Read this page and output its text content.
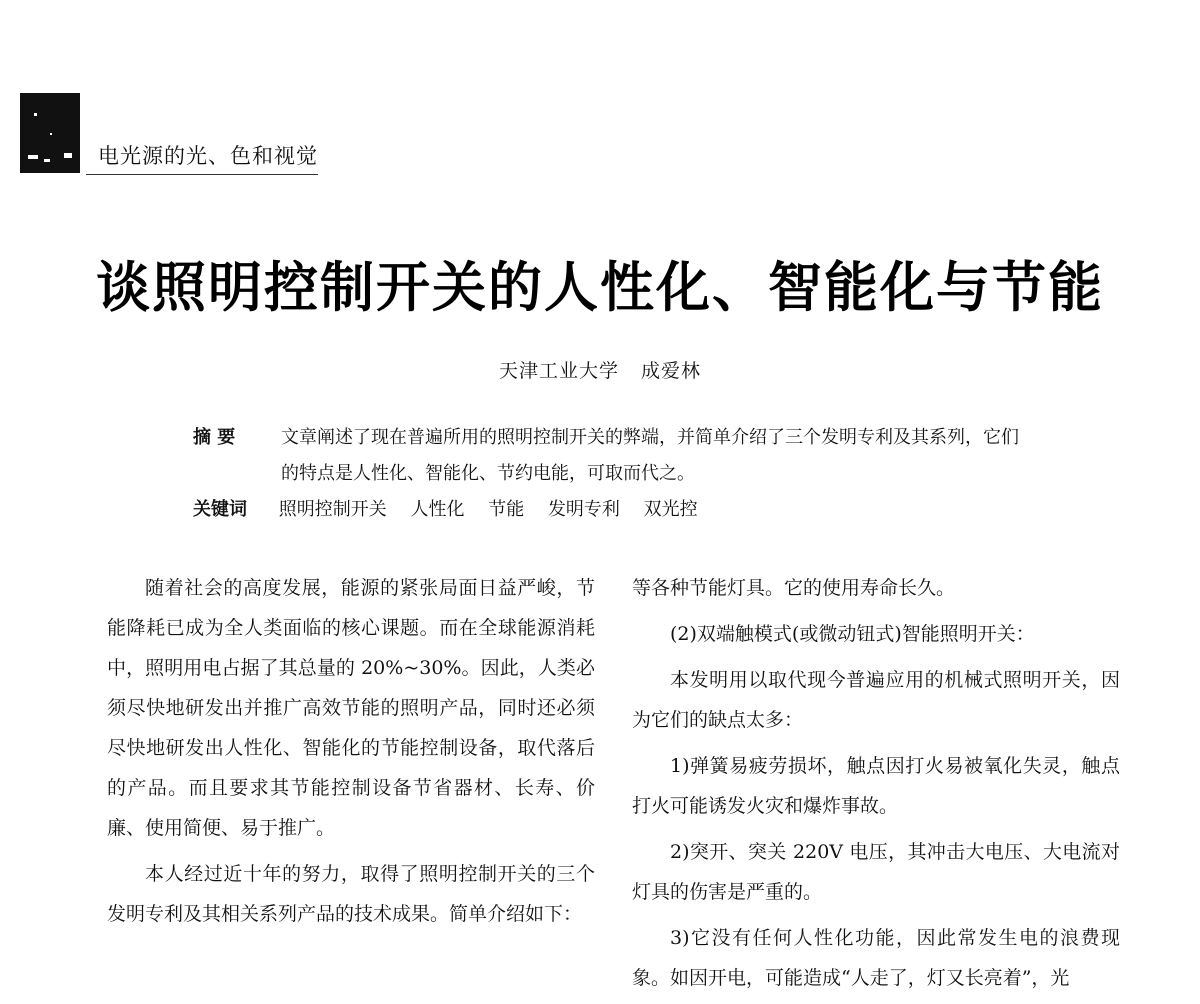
电光源的光、色和视觉
谈照明控制开关的人性化、智能化与节能
天津工业大学 成爱林
摘 要	文章阐述了现在普遍所用的照明控制开关的弊端，并简单介绍了三个发明专利及其系列，它们的特点是人性化、智能化、节约电能，可取而代之。
关键词 照明控制开关 人性化 节能 发明专利 双光控

随着社会的高度发展，能源的紧张局面日益严峻，节能降耗已成为全人类面临的核心课题。而在全球能源消耗中，照明用电占据了其总量的 20%~30%。因此，人类必须尽快地研发出并推广高效节能的照明产品，同时还必须尽快地研发出人性化、智能化的节能控制设备，取代落后的产品。而且要求其节能控制设备节省器材、长寿、价廉、使用简便、易于推广。

本人经过近十年的努力，取得了照明控制开关的三个发明专利及其相关系列产品的技术成果。简单介绍如下：

等各种节能灯具。它的使用寿命长久。

(2)双端触模式(或微动钮式)智能照明开关：

本发明用以取代现今普遍应用的机械式照明开关，因为它们的缺点太多：

1)弹簧易疲劳损坏，触点因打火易被氧化失灵，触点打火可能诱发火灾和爆炸事故。

2)突开、突关 220V 电压，其冲击大电压、大电流对灯具的伤害是严重的。

3)它没有任何人性化功能，因此常发生电的浪费现象。如因开电，可能造成“人走了，灯又长亮着”，光
